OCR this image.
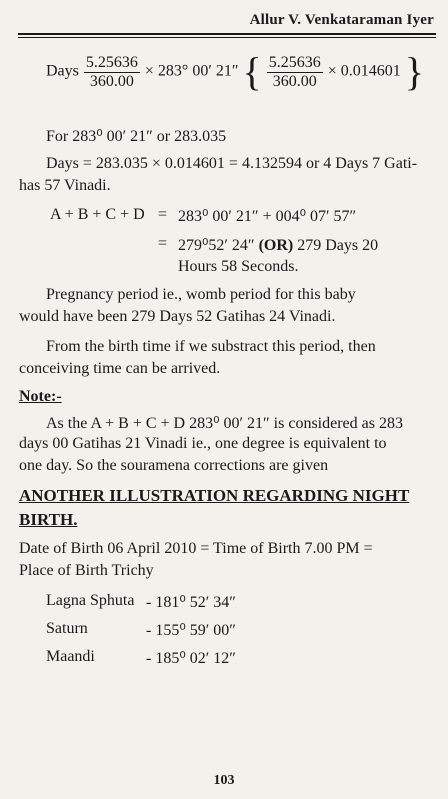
Allur V. Venkataraman Iyer
Days $\frac{5.25636}{360.00} \times 283^\circ$ 00′ 21″ { $\frac{5.25636}{360.00} \times 0.014601$ }
For 283⁰ 00′ 21″ or 283.035
Days = 283.035 × 0.014601 = 4.132594 or 4 Days 7 Gati-
has 57 Vinadi.
A + B + C + D = 283⁰ 00′ 21″ + 004⁰ 07′ 57″
= 279⁰52′ 24″ (OR) 279 Days 20
Hours 58 Seconds.
Pregnancy period ie., womb period for this baby
would have been 279 Days 52 Gatihas 24 Vinadi.
From the birth time if we substract this period, then
conceiving time can be arrived.
Note:-
As the A + B + C + D 283⁰ 00′ 21″ is considered as 283
days 00 Gatihas 21 Vinadi ie., one degree is equivalent to
one day. So the souramena corrections are given
ANOTHER ILLUSTRATION REGARDING NIGHT
BIRTH.
Date of Birth 06 April 2010 = Time of Birth 7.00 PM =
Place of Birth Trichy
Lagna Sphuta - 181⁰ 52′ 34″
Saturn	- 155⁰ 59′ 00″
Maandi	- 185⁰ 02′ 12″
103
